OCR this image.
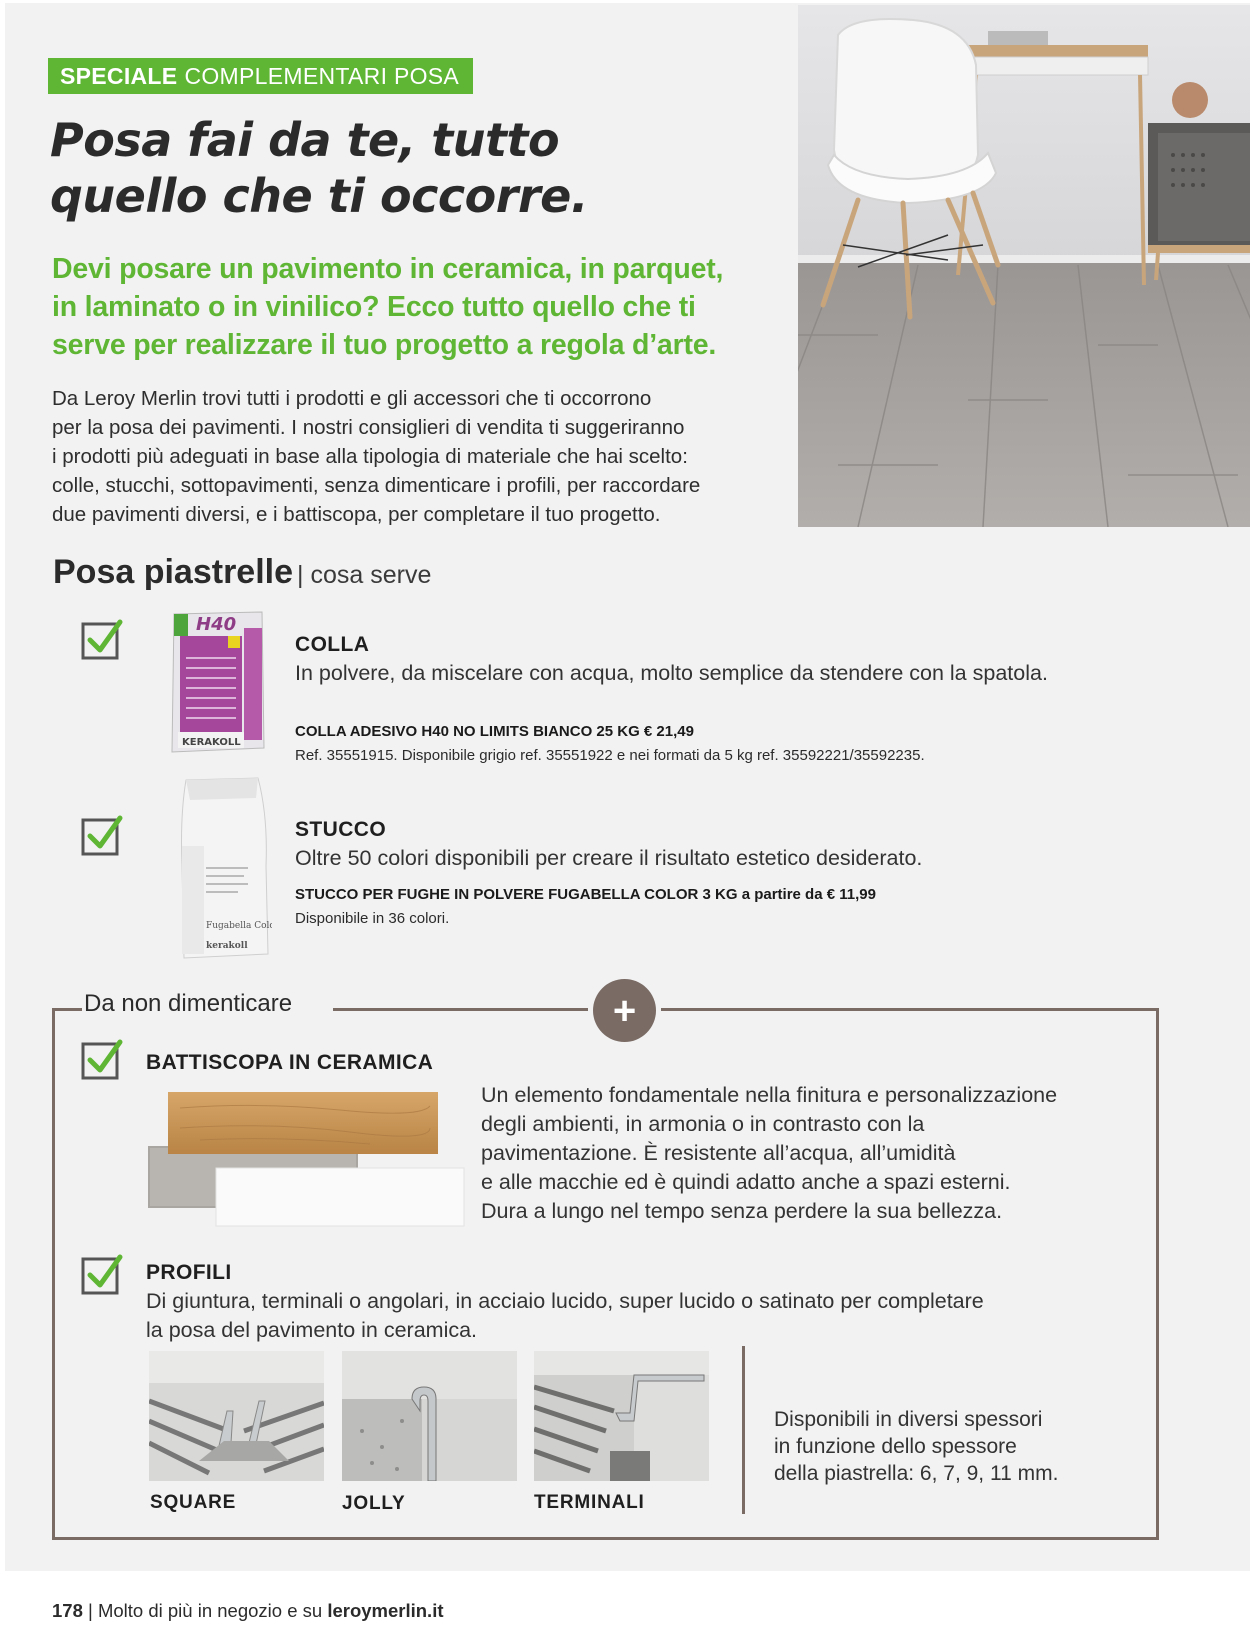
SPECIALE COMPLEMENTARI POSA
Posa fai da te, tutto
quello che ti occorre.
Devi posare un pavimento in ceramica, in parquet,
in laminato o in vinilico? Ecco tutto quello che ti
serve per realizzare il tuo progetto a regola d’arte.
Da Leroy Merlin trovi tutti i prodotti e gli accessori che ti occorrono
per la posa dei pavimenti. I nostri consiglieri di vendita ti suggeriranno
i prodotti più adeguati in base alla tipologia di materiale che hai scelto:
colle, stucchi, sottopavimenti, senza dimenticare i profili, per raccordare
due pavimenti diversi, e i battiscopa, per completare il tuo progetto.
Posa piastrelle | cosa serve
H40
KERAKOLL
COLLA
In polvere, da miscelare con acqua, molto semplice da stendere con la spatola.
COLLA ADESIVO H40 NO LIMITS BIANCO 25 KG € 21,49
Ref. 35551915. Disponibile grigio ref. 35551922 e nei formati da 5 kg ref. 35592221/35592235.
Fugabella Color
kerakoll
STUCCO
Oltre 50 colori disponibili per creare il risultato estetico desiderato.
STUCCO PER FUGHE IN POLVERE FUGABELLA COLOR 3 KG a partire da € 11,99
Disponibile in 36 colori.
Da non dimenticare	+
BATTISCOPA IN CERAMICA
Un elemento fondamentale nella finitura e personalizzazione
degli ambienti, in armonia o in contrasto con la
pavimentazione. È resistente all’acqua, all’umidità
e alle macchie ed è quindi adatto anche a spazi esterni.
Dura a lungo nel tempo senza perdere la sua bellezza.
PROFILI
Di giuntura, terminali o angolari, in acciaio lucido, super lucido o satinato per completare
la posa del pavimento in ceramica.
SQUARE	JOLLY	TERMINALI
Disponibili in diversi spessori
in funzione dello spessore
della piastrella: 6, 7, 9, 11 mm.
178 | Molto di più in negozio e su leroymerlin.it
